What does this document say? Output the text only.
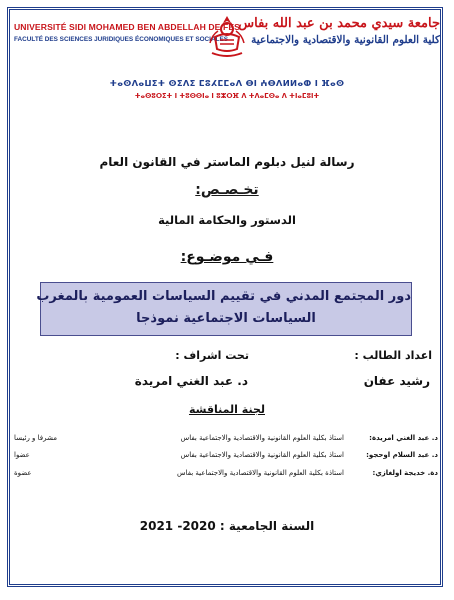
UNIVERSITÉ SIDI MOHAMED BEN ABDELLAH DE FÈS
FACULTÉ DES SCIENCES JURIDIQUES ÉCONOMIQUES ET SOCIALES
جامعة سيدي محمد بن عبد الله بفاس
كلية العلوم القانونية والاقتصادية والاجتماعية
ⵜⴰⵙⴷⴰⵡⵉⵜ ⵙⵉⴷⵉ ⵎⵓⵃⵎⵎⴰⴷ ⴱⵏ ⵄⴱⴷⵍⵍⴰⵀ ⵏ ⴼⴰⵙ
ⵜⴰⵙⵓⵔⵉⵜ ⵏ ⵜⵓⵙⵙⵏⴰ ⵏ ⵓⵣⵔⴼ ⴷ ⵜⴷⴰⵎⵙⴰ ⴷ ⵜⵏⴰⵎⵓⵏⵜ
رسالة لنيل دبلوم الماستر في القانون العام
تخـصـص:
الدستور والحكامة المالية
فـي موضـوع:
دور المجتمع المدني في تقييم السياسات العمومية بالمغرب
السياسات الاجتماعية نموذجا
اعداد الطالب :
تحت اشراف :
رشيد عفان
د. عبد الغني امريدة
لجنة المناقشة
د. عبد الغني امريدة:
استاذ بكلية العلوم القانونية والاقتصادية والاجتماعية بفاس
مشرفا و رئيسا
د. عبد السلام اوحجو:
استاذ بكلية العلوم القانونية والاقتصادية والاجتماعية بفاس
عضوا
دة. خديجة اولغازي:
استاذة بكلية العلوم القانونية والاقتصادية والاجتماعية بفاس
عضوة
السنة الجامعية : 2020- 2021
